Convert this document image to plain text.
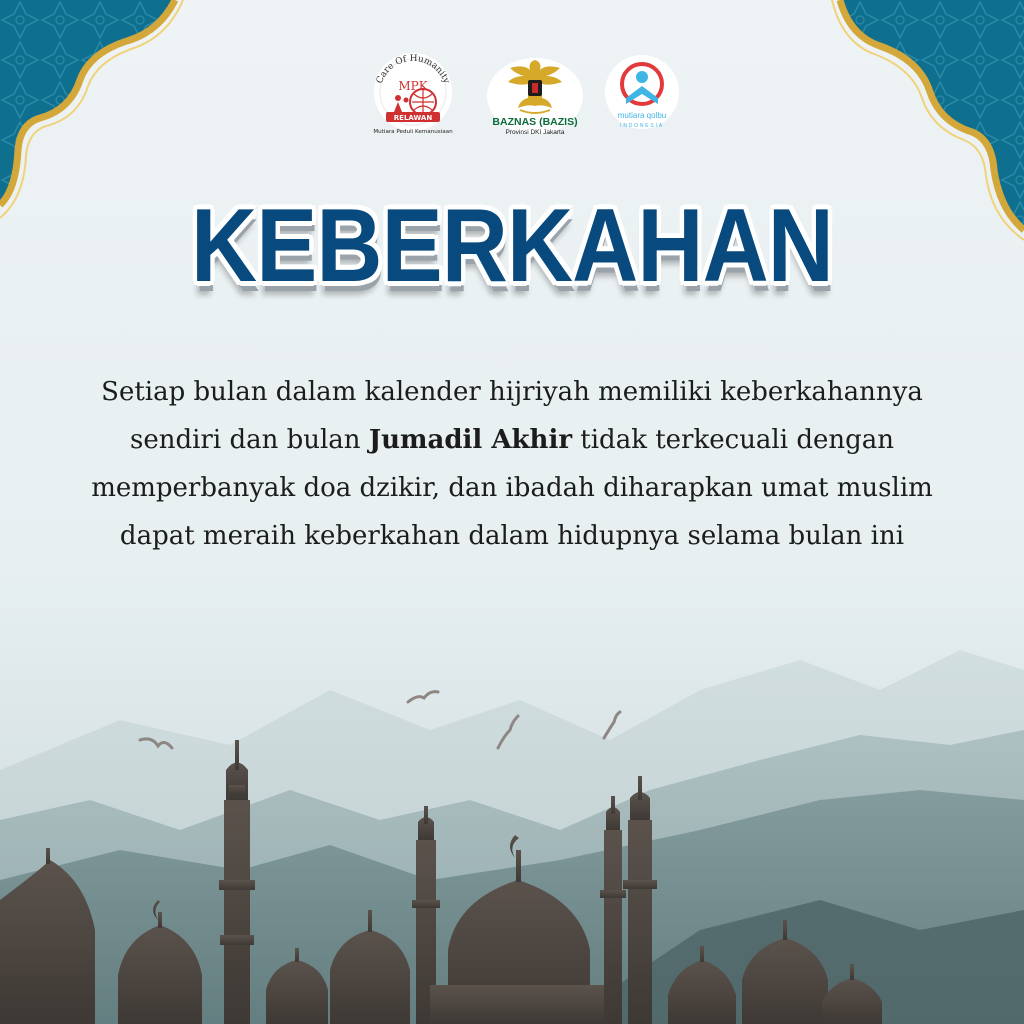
Care Of Humanity
MPK
RELAWAN
Mutiara Peduli Kemanusiaan
BAZNAS (BAZIS)
Provinsi DKI Jakarta
mutiara qolbu
INDONESIA
KEBERKAHAN
Setiap bulan dalam kalender hijriyah memiliki keberkahannya
sendiri dan bulan Jumadil Akhir tidak terkecuali dengan
memperbanyak doa dzikir, dan ibadah diharapkan umat muslim
dapat meraih keberkahan dalam hidupnya selama bulan ini
